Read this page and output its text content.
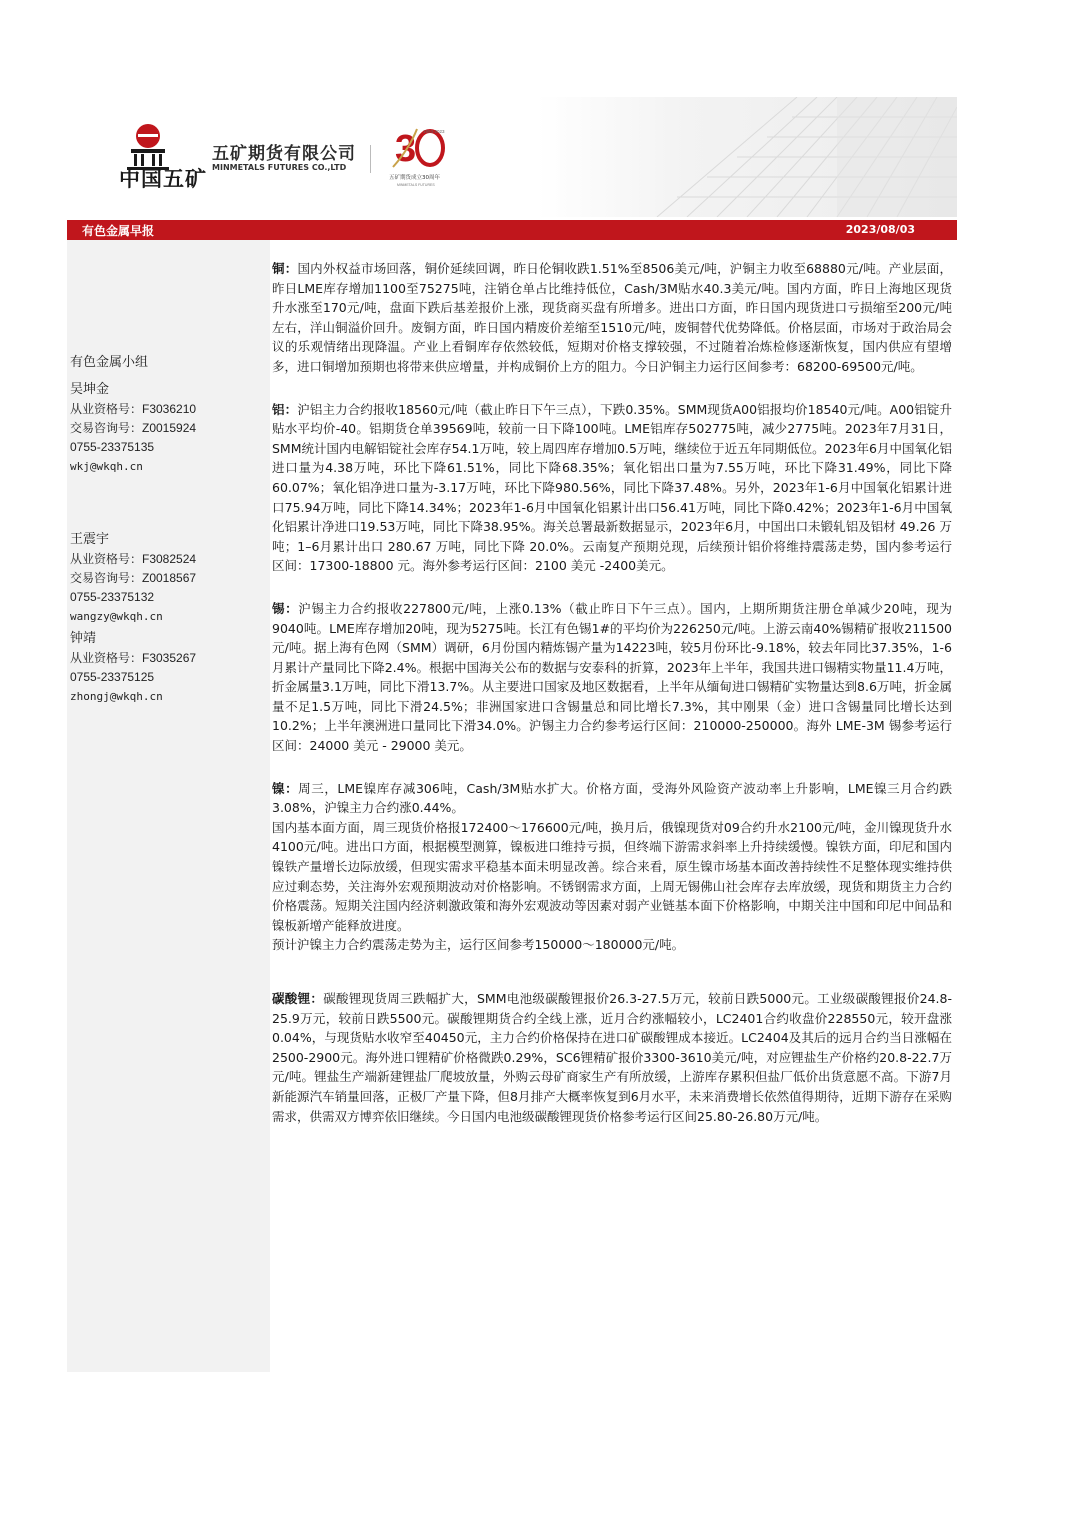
中国五矿
五矿期货有限公司
MINMETALS FUTURES CO.,LTD 3 1993-2023
五矿期货成立30周年
MINMETALS FUTURES
有色金属早报	2023/08/03
有色金属小组
吴坤金
从业资格号：F3036210
交易咨询号：Z0015924
0755-23375135
wkj@wkqh.cn
王震宇
从业资格号：F3082524
交易咨询号：Z0018567
0755-23375132
wangzy@wkqh.cn
钟靖
从业资格号：F3035267
0755-23375125
zhongj@wkqh.cn

铜：国内外权益市场回落，铜价延续回调，昨日伦铜收跌1.51%至8506美元/吨，沪铜主力收至68880元/吨。产业层面，昨日LME库存增加1100至75275吨，注销仓单占比维持低位，Cash/3M贴水40.3美元/吨。国内方面，昨日上海地区现货升水涨至170元/吨，盘面下跌后基差报价上涨，现货商买盘有所增多。进出口方面，昨日国内现货进口亏损缩至200元/吨左右，洋山铜溢价回升。废铜方面，昨日国内精废价差缩至1510元/吨，废铜替代优势降低。价格层面，市场对于政治局会议的乐观情绪出现降温。产业上看铜库存依然较低，短期对价格支撑较强，不过随着冶炼检修逐渐恢复，国内供应有望增多，进口铜增加预期也将带来供应增量，并构成铜价上方的阻力。今日沪铜主力运行区间参考：68200-69500元/吨。

铝：沪铝主力合约报收18560元/吨（截止昨日下午三点），下跌0.35%。SMM现货A00铝报均价18540元/吨。A00铝锭升贴水平均价-40。铝期货仓单39569吨，较前一日下降100吨。LME铝库存502775吨，减少2775吨。2023年7月31日，SMM统计国内电解铝锭社会库存54.1万吨，较上周四库存增加0.5万吨，继续位于近五年同期低位。2023年6月中国氧化铝进口量为4.38万吨，环比下降61.51%，同比下降68.35%；氧化铝出口量为7.55万吨，环比下降31.49%，同比下降60.07%；氧化铝净进口量为-3.17万吨，环比下降980.56%，同比下降37.48%。另外，2023年1-6月中国氧化铝累计进口75.94万吨，同比下降14.34%；2023年1-6月中国氧化铝累计出口56.41万吨，同比下降0.42%；2023年1-6月中国氧化铝累计净进口19.53万吨，同比下降38.95%。海关总署最新数据显示，2023年6月，中国出口未锻轧铝及铝材 49.26 万吨；1–6月累计出口 280.67 万吨，同比下降 20.0%。云南复产预期兑现，后续预计铝价将维持震荡走势，国内参考运行区间：17300-18800 元。海外参考运行区间：2100 美元 -2400美元。

锡：沪锡主力合约报收227800元/吨，上涨0.13%（截止昨日下午三点）。国内，上期所期货注册仓单减少20吨，现为9040吨。LME库存增加20吨，现为5275吨。长江有色锡1#的平均价为226250元/吨。上游云南40%锡精矿报收211500元/吨。据上海有色网（SMM）调研，6月份国内精炼锡产量为14223吨，较5月份环比-9.18%，较去年同比37.35%，1-6月累计产量同比下降2.4%。根据中国海关公布的数据与安泰科的折算，2023年上半年，我国共进口锡精实物量11.4万吨，折金属量3.1万吨，同比下滑13.7%。从主要进口国家及地区数据看，上半年从缅甸进口锡精矿实物量达到8.6万吨，折金属量不足1.5万吨，同比下滑24.5%；非洲国家进口含锡量总和同比增长7.3%，其中刚果（金）进口含锡量同比增长达到10.2%；上半年澳洲进口量同比下滑34.0%。沪锡主力合约参考运行区间：210000-250000。海外 LME-3M 锡参考运行区间：24000 美元 - 29000 美元。

镍：周三，LME镍库存减306吨，Cash/3M贴水扩大。价格方面，受海外风险资产波动率上升影响，LME镍三月合约跌3.08%，沪镍主力合约涨0.44%。

国内基本面方面，周三现货价格报172400～176600元/吨，换月后，俄镍现货对09合约升水2100元/吨，金川镍现货升水4100元/吨。进出口方面，根据模型测算，镍板进口维持亏损，但终端下游需求斜率上升持续缓慢。镍铁方面，印尼和国内镍铁产量增长边际放缓，但现实需求平稳基本面未明显改善。综合来看，原生镍市场基本面改善持续性不足整体现实维持供应过剩态势，关注海外宏观预期波动对价格影响。不锈钢需求方面，上周无锡佛山社会库存去库放缓，现货和期货主力合约价格震荡。短期关注国内经济刺激政策和海外宏观波动等因素对弱产业链基本面下价格影响，中期关注中国和印尼中间品和镍板新增产能释放进度。

预计沪镍主力合约震荡走势为主，运行区间参考150000～180000元/吨。

碳酸锂：碳酸锂现货周三跌幅扩大，SMM电池级碳酸锂报价26.3-27.5万元，较前日跌5000元。工业级碳酸锂报价24.8-25.9万元，较前日跌5500元。碳酸锂期货合约全线上涨，近月合约涨幅较小，LC2401合约收盘价228550元，较开盘涨0.04%，与现货贴水收窄至40450元，主力合约价格保持在进口矿碳酸锂成本接近。LC2404及其后的远月合约当日涨幅在2500-2900元。海外进口锂精矿价格微跌0.29%，SC6锂精矿报价3300-3610美元/吨，对应锂盐生产价格约20.8-22.7万元/吨。锂盐生产端新建锂盐厂爬坡放量，外购云母矿商家生产有所放缓，上游库存累积但盐厂低价出货意愿不高。下游7月新能源汽车销量回落，正极厂产量下降，但8月排产大概率恢复到6月水平，未来消费增长依然值得期待，近期下游存在采购需求，供需双方博弈依旧继续。今日国内电池级碳酸锂现货价格参考运行区间25.80-26.80万元/吨。
